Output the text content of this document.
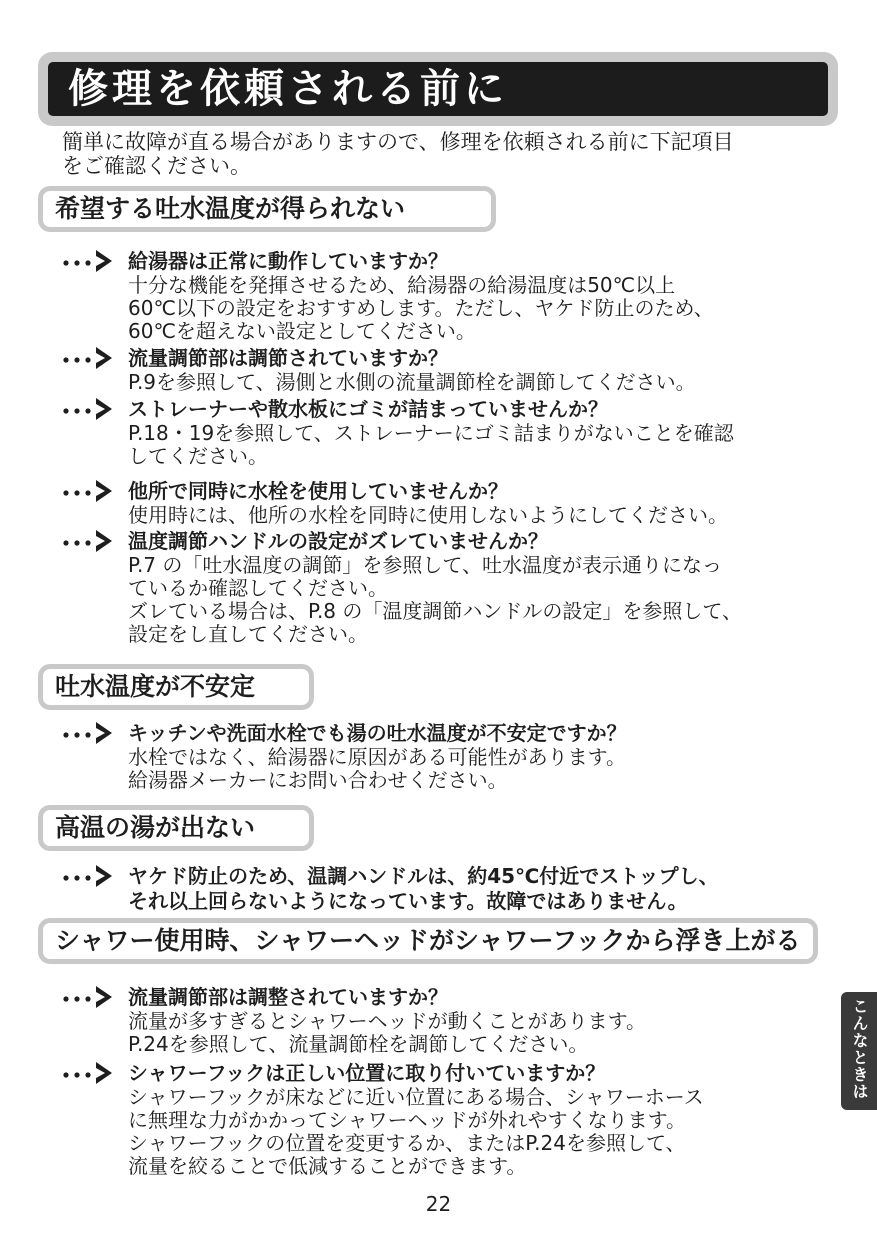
修理を依頼される前に
簡単に故障が直る場合がありますので、修理を依頼される前に下記項目
をご確認ください。
希望する吐水温度が得られない
給湯器は正常に動作していますか？
十分な機能を発揮させるため、給湯器の給湯温度は50℃以上
60℃以下の設定をおすすめします。ただし、ヤケド防止のため、
60℃を超えない設定としてください。
流量調節部は調節されていますか？
P.9を参照して、湯側と水側の流量調節栓を調節してください。
ストレーナーや散水板にゴミが詰まっていませんか？
P.18・19を参照して、ストレーナーにゴミ詰まりがないことを確認
してください。
他所で同時に水栓を使用していませんか？
使用時には、他所の水栓を同時に使用しないようにしてください。
温度調節ハンドルの設定がズレていませんか？
P.7 の「吐水温度の調節」を参照して、吐水温度が表示通りになっ
ているか確認してください。
ズレている場合は、P.8 の「温度調節ハンドルの設定」を参照して、
設定をし直してください。
吐水温度が不安定
キッチンや洗面水栓でも湯の吐水温度が不安定ですか？
水栓ではなく、給湯器に原因がある可能性があります。
給湯器メーカーにお問い合わせください。
高温の湯が出ない
ヤケド防止のため、温調ハンドルは、約45℃付近でストップし、
それ以上回らないようになっています。故障ではありません。
シャワー使用時、シャワーヘッドがシャワーフックから浮き上がる
流量調節部は調整されていますか？
流量が多すぎるとシャワーヘッドが動くことがあります。
P.24を参照して、流量調節栓を調節してください。
シャワーフックは正しい位置に取り付いていますか？
シャワーフックが床などに近い位置にある場合、シャワーホース
に無理な力がかかってシャワーヘッドが外れやすくなります。
シャワーフックの位置を変更するか、またはP.24を参照して、
流量を絞ることで低減することができます。
22
こんなときは
